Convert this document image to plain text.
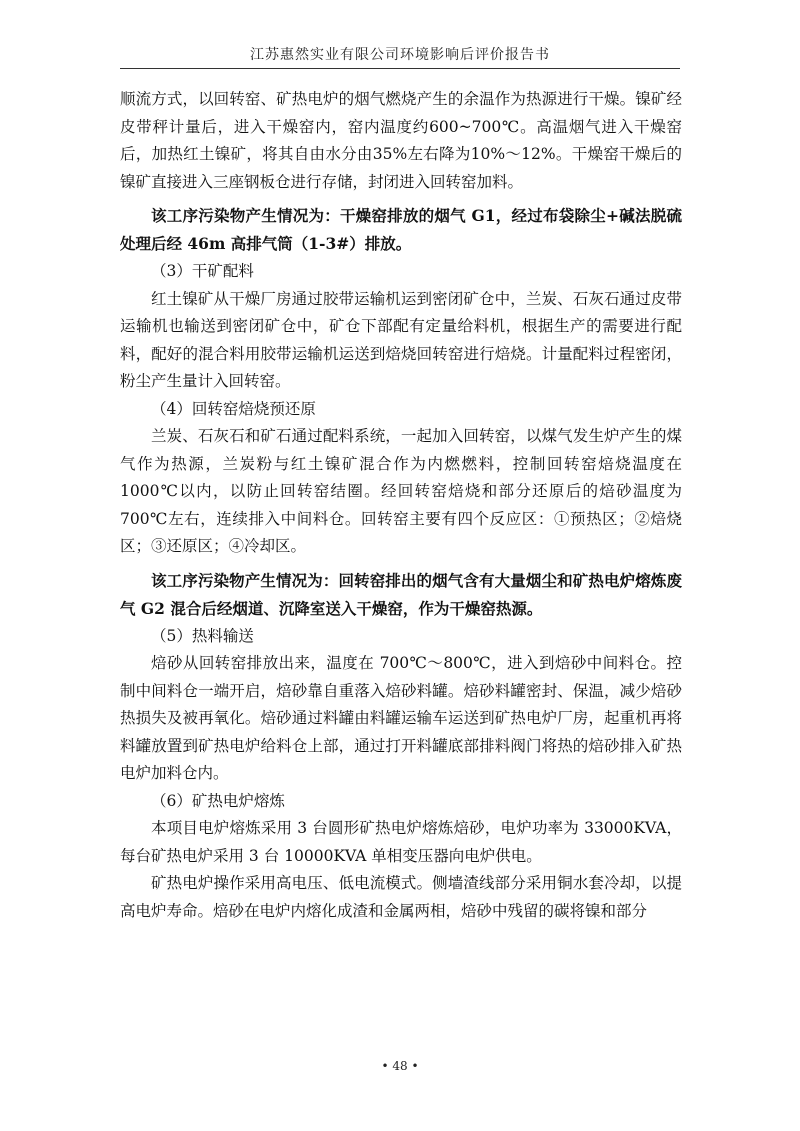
江苏惠然实业有限公司环境影响后评价报告书

顺流方式，以回转窑、矿热电炉的烟气燃烧产生的余温作为热源进行干燥。镍矿经皮带秤计量后，进入干燥窑内，窑内温度约600~700℃。高温烟气进入干燥窑后，加热红土镍矿，将其自由水分由35%左右降为10%～12%。干燥窑干燥后的镍矿直接进入三座钢板仓进行存储，封闭进入回转窑加料。

该工序污染物产生情况为：干燥窑排放的烟气 G1，经过布袋除尘+碱法脱硫处理后经 46m 高排气筒（1-3#）排放。

（3）干矿配料

红土镍矿从干燥厂房通过胶带运输机运到密闭矿仓中，兰炭、石灰石通过皮带运输机也输送到密闭矿仓中，矿仓下部配有定量给料机，根据生产的需要进行配料，配好的混合料用胶带运输机运送到焙烧回转窑进行焙烧。计量配料过程密闭，粉尘产生量计入回转窑。

（4）回转窑焙烧预还原

兰炭、石灰石和矿石通过配料系统，一起加入回转窑，以煤气发生炉产生的煤气作为热源，兰炭粉与红土镍矿混合作为内燃燃料，控制回转窑焙烧温度在1000℃以内，以防止回转窑结圈。经回转窑焙烧和部分还原后的焙砂温度为700℃左右，连续排入中间料仓。回转窑主要有四个反应区：①预热区；②焙烧区；③还原区；④冷却区。

该工序污染物产生情况为：回转窑排出的烟气含有大量烟尘和矿热电炉熔炼废气 G2 混合后经烟道、沉降室送入干燥窑，作为干燥窑热源。

（5）热料输送

焙砂从回转窑排放出来，温度在 700℃～800℃，进入到焙砂中间料仓。控制中间料仓一端开启，焙砂靠自重落入焙砂料罐。焙砂料罐密封、保温，减少焙砂热损失及被再氧化。焙砂通过料罐由料罐运输车运送到矿热电炉厂房，起重机再将料罐放置到矿热电炉给料仓上部，通过打开料罐底部排料阀门将热的焙砂排入矿热电炉加料仓内。

（6）矿热电炉熔炼

本项目电炉熔炼采用 3 台圆形矿热电炉熔炼焙砂，电炉功率为 33000KVA，每台矿热电炉采用 3 台 10000KVA 单相变压器向电炉供电。

矿热电炉操作采用高电压、低电流模式。侧墙渣线部分采用铜水套冷却，以提高电炉寿命。焙砂在电炉内熔化成渣和金属两相，焙砂中残留的碳将镍和部分

• 48 •
